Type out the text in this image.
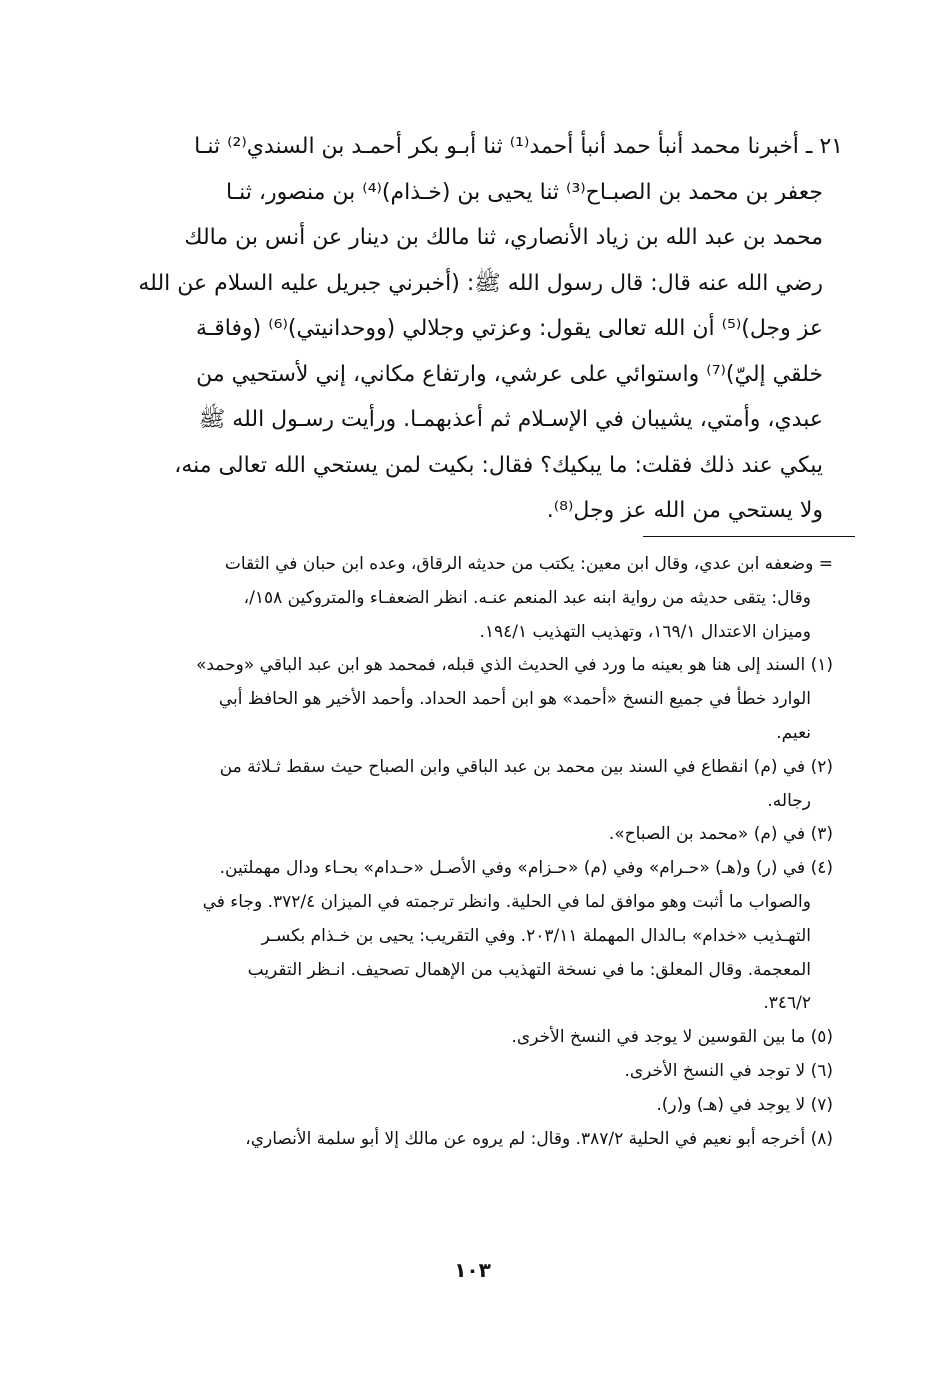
٢١ ـ أخبرنا محمد أنبأ حمد أنبأ أحمد⁽¹⁾ ثنا أبـو بكر أحمـد بن السندي⁽²⁾ ثنـا
جعفر بن محمد بن الصبـاح⁽³⁾ ثنا يحيى بن (خـذام)⁽⁴⁾ بن منصور، ثنـا
محمد بن عبد الله بن زياد الأنصاري، ثنا مالك بن دينار عن أنس بن مالك
رضي الله عنه قال: قال رسول الله ﷺ: (أخبرني جبريل عليه السلام عن الله
عز وجل)⁽⁵⁾ أن الله تعالى يقول: وعزتي وجلالي (ووحدانيتي)⁽⁶⁾ (وفاقـة
خلقي إليّ)⁽⁷⁾ واستوائي على عرشي، وارتفاع مكاني، إني لأستحيي من
عبدي، وأمتي، يشيبان في الإسـلام ثم أعذبهمـا. ورأيت رسـول الله ﷺ
يبكي عند ذلك فقلت: ما يبكيك؟ فقال: بكيت لمن يستحي الله تعالى منه،
ولا يستحي من الله عز وجل⁽⁸⁾.
= وضعفه ابن عدي، وقال ابن معين: يكتب من حديثه الرقاق، وعده ابن حبان في الثقات
وقال: يتقى حديثه من رواية ابنه عبد المنعم عنـه. انظر الضعفـاء والمتروكين ١٥٨/،
وميزان الاعتدال ١٦٩/١، وتهذيب التهذيب ١٩٤/١.
(١) السند إلى هنا هو بعينه ما ورد في الحديث الذي قبله، فمحمد هو ابن عبد الباقي «وحمد»
الوارد خطأ في جميع النسخ «أحمد» هو ابن أحمد الحداد. وأحمد الأخير هو الحافظ أبي
نعيم.
(٢) في (م) انقطاع في السند بين محمد بن عبد الباقي وابن الصباح حيث سقط ثـلاثة من
رجاله.
(٣) في (م) «محمد بن الصباح».
(٤) في (ر) و(هـ) «حـرام» وفي (م) «حـزام» وفي الأصـل «حـدام» بحـاء ودال مهملتين.
والصواب ما أثبت وهو موافق لما في الحلية. وانظر ترجمته في الميزان ٣٧٢/٤. وجاء في
التهـذيب «خدام» بـالدال المهملة ٢٠٣/١١. وفي التقريب: يحيى بن خـذام بكسـر
المعجمة. وقال المعلق: ما في نسخة التهذيب من الإهمال تصحيف. انـظر التقريب
٣٤٦/٢.
(٥) ما بين القوسين لا يوجد في النسخ الأخرى.
(٦) لا توجد في النسخ الأخرى.
(٧) لا يوجد في (هـ) و(ر).
(٨) أخرجه أبو نعيم في الحلية ٣٨٧/٢. وقال: لم يروه عن مالك إلا أبو سلمة الأنصاري،
١٠٣
